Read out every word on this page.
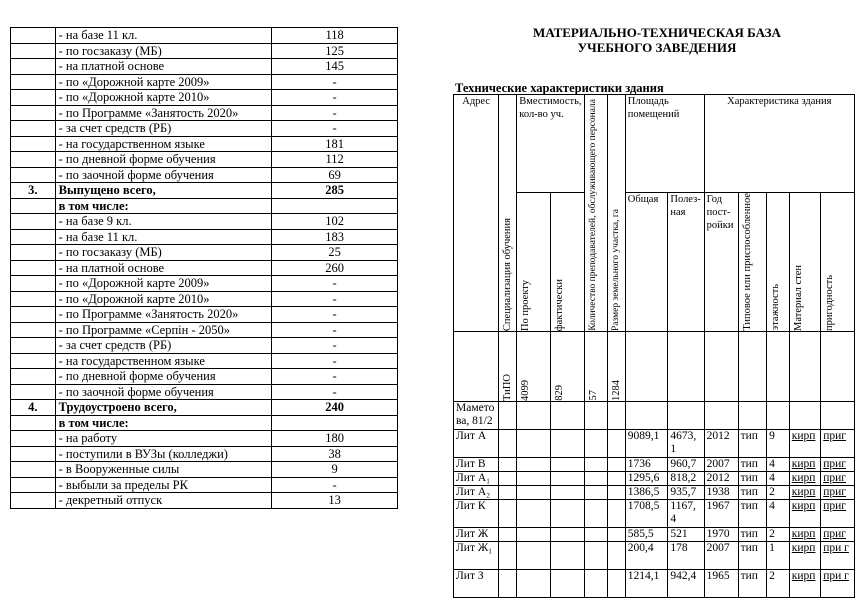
	- на базе 11 кл.	118
	- по госзаказу (МБ)	125
	- на платной основе	145
	- по «Дорожной карте 2009»	-
	- по «Дорожной карте 2010»	-
	- по Программе «Занятость 2020»	-
	- за счет средств (РБ)	-
	- на государственном языке	181
	- по дневной форме обучения	112
	- по заочной форме обучения	69
3.	Выпущено всего,	285
	в том числе:	
	- на базе 9 кл.	102
	- на базе 11 кл.	183
	- по госзаказу (МБ)	25
	- на платной основе	260
	- по «Дорожной карте 2009»	-
	- по «Дорожной карте 2010»	-
	- по Программе «Занятость 2020»	-
	- по Программе «Серпін - 2050»	-
	- за счет средств (РБ)	-
	- на государственном языке	-
	- по дневной форме обучения	-
	- по заочной форме обучения	-
4.	Трудоустроено всего,	240
	в том числе:	
	- на работу	180
	- поступили в ВУЗы (колледжи)	38
	- в Вооруженные силы	9
	- выбыли за пределы РК	-
	- декретный отпуск	13
МАТЕРИАЛЬНО-ТЕХНИЧЕСКАЯ БАЗА
УЧЕБНОГО ЗАВЕДЕНИЯ
Технические характеристики здания
Адрес	Специализация обучения	Вместимость, кол-во уч.		Количество преподавателей, обслуживающего персонала	Размер земельного участка, га	Площадь помещений		Характеристика здания				

		По проекту	фактически			Общая	Полез-ная	Год пост-ройки	Типовое или приспособленное	этажность	Материал стен	пригодность

	ТиПО	4099	829	57	1284							

Мамето ва, 81/2												
Лит А						9089,1	4673, 1	2012	тип	9	кирп	приг
Лит В						1736	960,7	2007	тип	4	кирп	приг
Лит А₁						1295,6	818,2	2012	тип	4	кирп	приг
Лит А₂						1386,5	935,7	1938	тип	2	кирп	приг
Лит К						1708,5	1167, 4	1967	тип	4	кирп	приг
Лит Ж						585,5	521	1970	тип	2	кирп	приг
Лит Ж₁						200,4	178	2007	тип	1	кирп	при г
Лит З						1214,1	942,4	1965	тип	2	кирп	при г
